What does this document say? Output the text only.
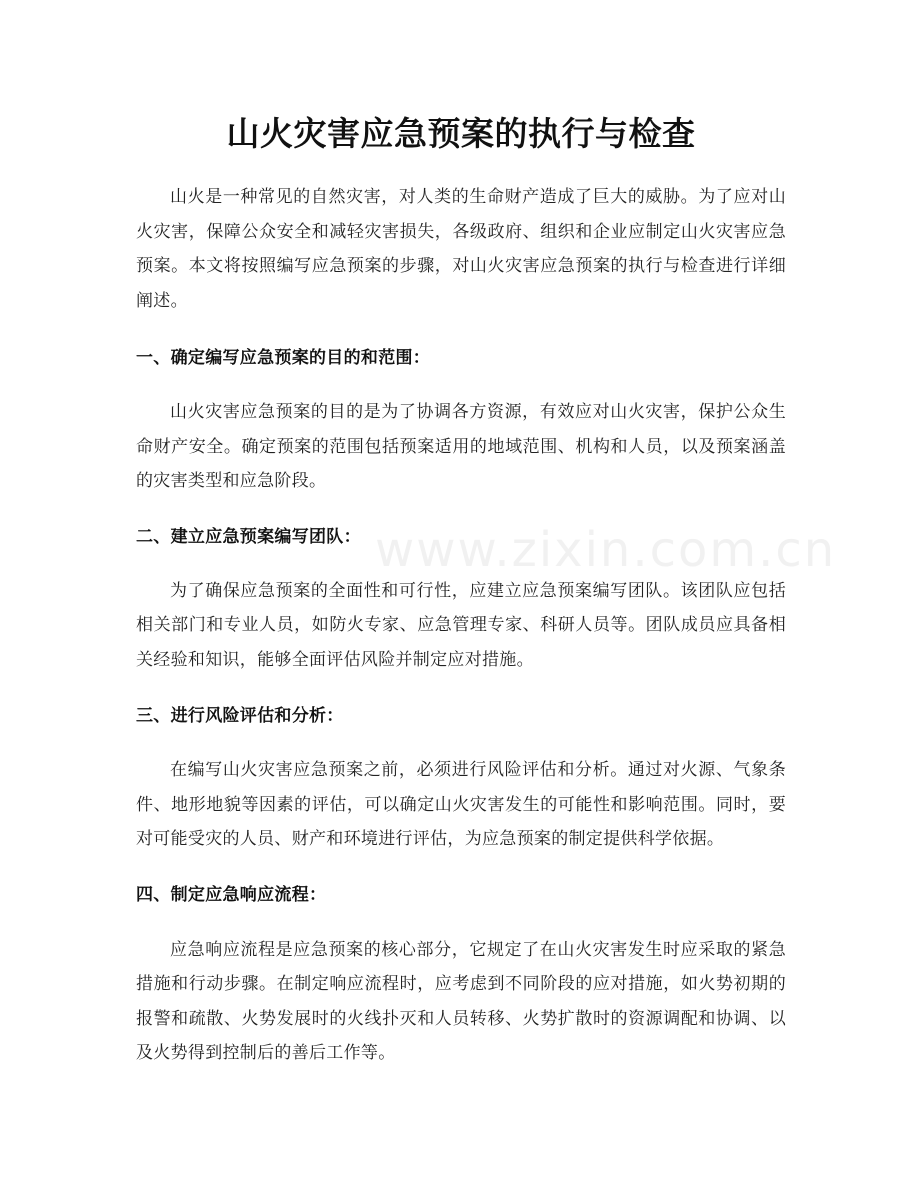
山火灾害应急预案的执行与检查

山火是一种常见的自然灾害，对人类的生命财产造成了巨大的威胁。为了应对山火灾害，保障公众安全和减轻灾害损失，各级政府、组织和企业应制定山火灾害应急预案。本文将按照编写应急预案的步骤，对山火灾害应急预案的执行与检查进行详细阐述。

一、确定编写应急预案的目的和范围：

山火灾害应急预案的目的是为了协调各方资源，有效应对山火灾害，保护公众生命财产安全。确定预案的范围包括预案适用的地域范围、机构和人员，以及预案涵盖的灾害类型和应急阶段。

二、建立应急预案编写团队：

为了确保应急预案的全面性和可行性，应建立应急预案编写团队。该团队应包括相关部门和专业人员，如防火专家、应急管理专家、科研人员等。团队成员应具备相关经验和知识，能够全面评估风险并制定应对措施。

三、进行风险评估和分析：

在编写山火灾害应急预案之前，必须进行风险评估和分析。通过对火源、气象条件、地形地貌等因素的评估，可以确定山火灾害发生的可能性和影响范围。同时，要对可能受灾的人员、财产和环境进行评估，为应急预案的制定提供科学依据。

四、制定应急响应流程：

应急响应流程是应急预案的核心部分，它规定了在山火灾害发生时应采取的紧急措施和行动步骤。在制定响应流程时，应考虑到不同阶段的应对措施，如火势初期的报警和疏散、火势发展时的火线扑灭和人员转移、火势扩散时的资源调配和协调、以及火势得到控制后的善后工作等。

www.zixin.com.cn
